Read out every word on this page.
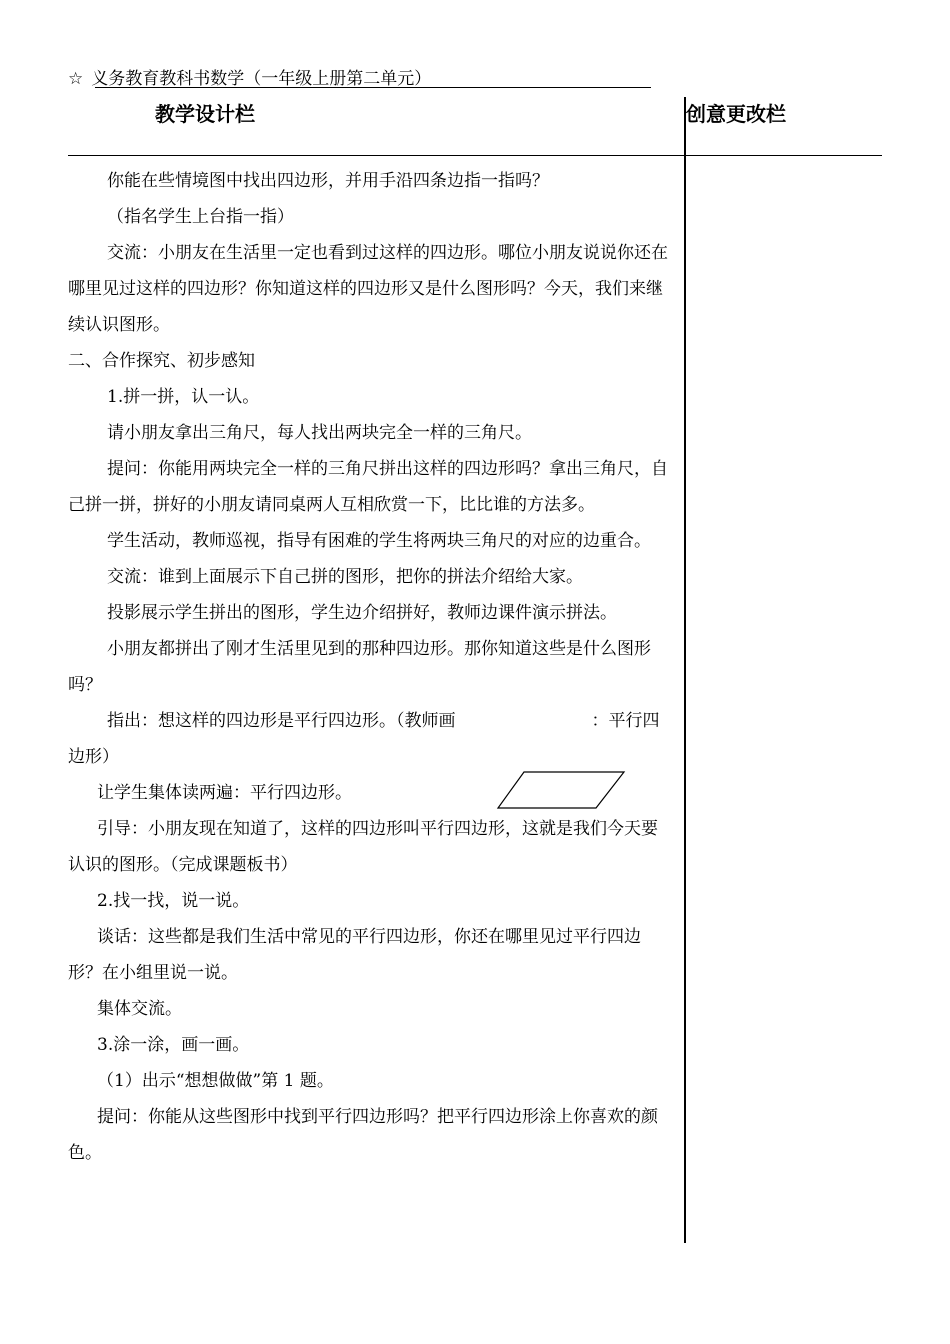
☆ 义务教育教科书数学（一年级上册第二单元）
教学设计栏	创意更改栏

你能在些情境图中找出四边形，并用手沿四条边指一指吗？

（指名学生上台指一指）

交流：小朋友在生活里一定也看到过这样的四边形。哪位小朋友说说你还在哪里见过这样的四边形？你知道这样的四边形又是什么图形吗？今天，我们来继续认识图形。

二、合作探究、初步感知

1.拼一拼，认一认。

请小朋友拿出三角尺，每人找出两块完全一样的三角尺。

提问：你能用两块完全一样的三角尺拼出这样的四边形吗？拿出三角尺，自己拼一拼，拼好的小朋友请同桌两人互相欣赏一下，比比谁的方法多。

学生活动，教师巡视，指导有困难的学生将两块三角尺的对应的边重合。

交流：谁到上面展示下自己拼的图形，把你的拼法介绍给大家。

投影展示学生拼出的图形，学生边介绍拼好，教师边课件演示拼法。

小朋友都拼出了刚才生活里见到的那种四边形。那你知道这些是什么图形吗？

指出：想这样的四边形是平行四边形。（教师画　　　　　　　　：平行四边形）

让学生集体读两遍：平行四边形。

引导：小朋友现在知道了，这样的四边形叫平行四边形，这就是我们今天要认识的图形。（完成课题板书）

2.找一找，说一说。

谈话：这些都是我们生活中常见的平行四边形，你还在哪里见过平行四边形？在小组里说一说。

集体交流。

3.涂一涂，画一画。

（1）出示“想想做做”第 1 题。

提问：你能从这些图形中找到平行四边形吗？把平行四边形涂上你喜欢的颜色。
